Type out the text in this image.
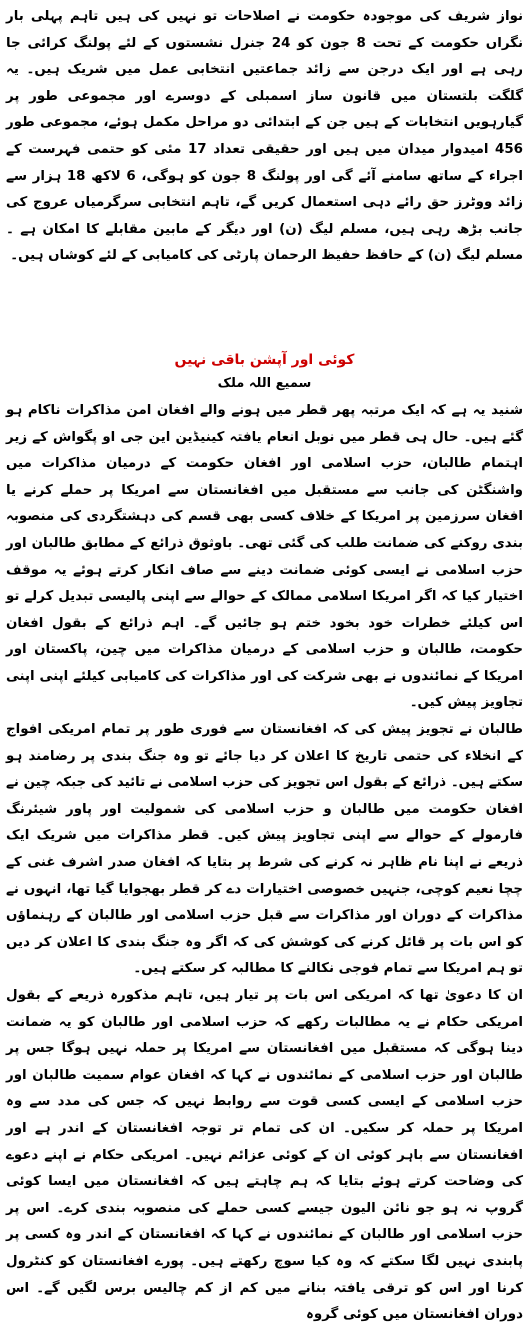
نواز شریف کی موجودہ حکومت نے اصلاحات تو نہیں کی ہیں تاہم پہلی بار نگراں حکومت کے تحت 8 جون کو 24 جنرل نشستوں کے لئے پولنگ کرائی جا رہی ہے اور ایک درجن سے زائد جماعتیں انتخابی عمل میں شریک ہیں۔ یہ گلگت بلتستان میں قانون ساز اسمبلی کے دوسرے اور مجموعی طور پر گیارہویں انتخابات کے ہیں جن کے ابتدائی دو مراحل مکمل ہوئے، مجموعی طور 456 امیدوار میدان میں ہیں اور حقیقی تعداد 17 مئی کو حتمی فہرست کے اجراء کے ساتھ سامنے آئے گی اور پولنگ 8 جون کو ہوگی، 6 لاکھ 18 ہزار سے زائد ووٹرز حق رائے دہی استعمال کریں گے، تاہم انتخابی سرگرمیاں عروج کی جانب بڑھ رہی ہیں، مسلم لیگ (ن) اور دیگر کے مابین مقابلے کا امکان ہے ۔مسلم لیگ (ن) کے حافظ حفیظ الرحمان پارٹی کی کامیابی کے لئے کوشاں ہیں۔

کوئی اور آپشن باقی نہیں
سمیع اللہ ملک

شنید یہ ہے کہ ایک مرتبہ پھر قطر میں ہونے والے افغان امن مذاکرات ناکام ہو گئے ہیں۔ حال ہی قطر میں نوبل انعام یافتہ کینیڈین این جی او پگواش کے زیر اہتمام طالبان، حزب اسلامی اور افغان حکومت کے درمیان مذاکرات میں واشنگٹن کی جانب سے مستقبل میں افغانستان سے امریکا پر حملے کرنے یا افغان سرزمین پر امریکا کے خلاف کسی بھی قسم کی دہشتگردی کی منصوبہ بندی روکنے کی ضمانت طلب کی گئی تھی۔ باوثوق ذرائع کے مطابق طالبان اور حزب اسلامی نے ایسی کوئی ضمانت دینے سے صاف انکار کرتے ہوئے یہ موقف اختیار کیا کہ اگر امریکا اسلامی ممالک کے حوالے سے اپنی پالیسی تبدیل کرلے تو اس کیلئے خطرات خود بخود ختم ہو جائیں گے۔ اہم ذرائع کے بقول افغان حکومت، طالبان و حزب اسلامی کے درمیان مذاکرات میں چین، پاکستان اور امریکا کے نمائندوں نے بھی شرکت کی اور مذاکرات کی کامیابی کیلئے اپنی اپنی تجاویز پیش کیں۔

طالبان نے تجویز پیش کی کہ افغانستان سے فوری طور پر تمام امریکی افواج کے انخلاء کی حتمی تاریخ کا اعلان کر دیا جائے تو وہ جنگ بندی پر رضامند ہو سکتے ہیں۔ ذرائع کے بقول اس تجویز کی حزب اسلامی نے تائید کی جبکہ چین نے افغان حکومت میں طالبان و حزب اسلامی کی شمولیت اور پاور شیئرنگ فارمولے کے حوالے سے اپنی تجاویز پیش کیں۔ قطر مذاکرات میں شریک ایک ذریعے نے اپنا نام ظاہر نہ کرنے کی شرط پر بتایا کہ افغان صدر اشرف غنی کے چچا نعیم کوچی، جنہیں خصوصی اختیارات دے کر قطر بھجوایا گیا تھا، انہوں نے مذاکرات کے دوران اور مذاکرات سے قبل حزب اسلامی اور طالبان کے رہنماؤں کو اس بات پر قائل کرنے کی کوشش کی کہ اگر وہ جنگ بندی کا اعلان کر دیں تو ہم امریکا سے تمام فوجی نکالنے کا مطالبہ کر سکتے ہیں۔

ان کا دعویٰ تھا کہ امریکی اس بات پر تیار ہیں، تاہم مذکورہ ذریعے کے بقول امریکی حکام نے یہ مطالبات رکھے کہ حزب اسلامی اور طالبان کو یہ ضمانت دینا ہوگی کہ مستقبل میں افغانستان سے امریکا پر حملہ نہیں ہوگا جس پر طالبان اور حزب اسلامی کے نمائندوں نے کہا کہ افغان عوام سمیت طالبان اور حزب اسلامی کے ایسی کسی قوت سے روابط نہیں کہ جس کی مدد سے وہ امریکا پر حملہ کر سکیں۔ ان کی تمام تر توجہ افغانستان کے اندر ہے اور افغانستان سے باہر کوئی ان کے کوئی عزائم نہیں۔ امریکی حکام نے اپنے دعوے کی وضاحت کرتے ہوئے بتایا کہ ہم چاہتے ہیں کہ افغانستان میں ایسا کوئی گروپ نہ ہو جو نائن الیون جیسے کسی حملے کی منصوبہ بندی کرے۔ اس پر حزب اسلامی اور طالبان کے نمائندوں نے کہا کہ افغانستان کے اندر وہ کسی پر پابندی نہیں لگا سکتے کہ وہ کیا سوچ رکھتے ہیں۔ پورے افغانستان کو کنٹرول کرنا اور اس کو ترقی یافتہ بنانے میں کم از کم چالیس برس لگیں گے۔ اس دوران افغانستان میں کوئی گروہ
